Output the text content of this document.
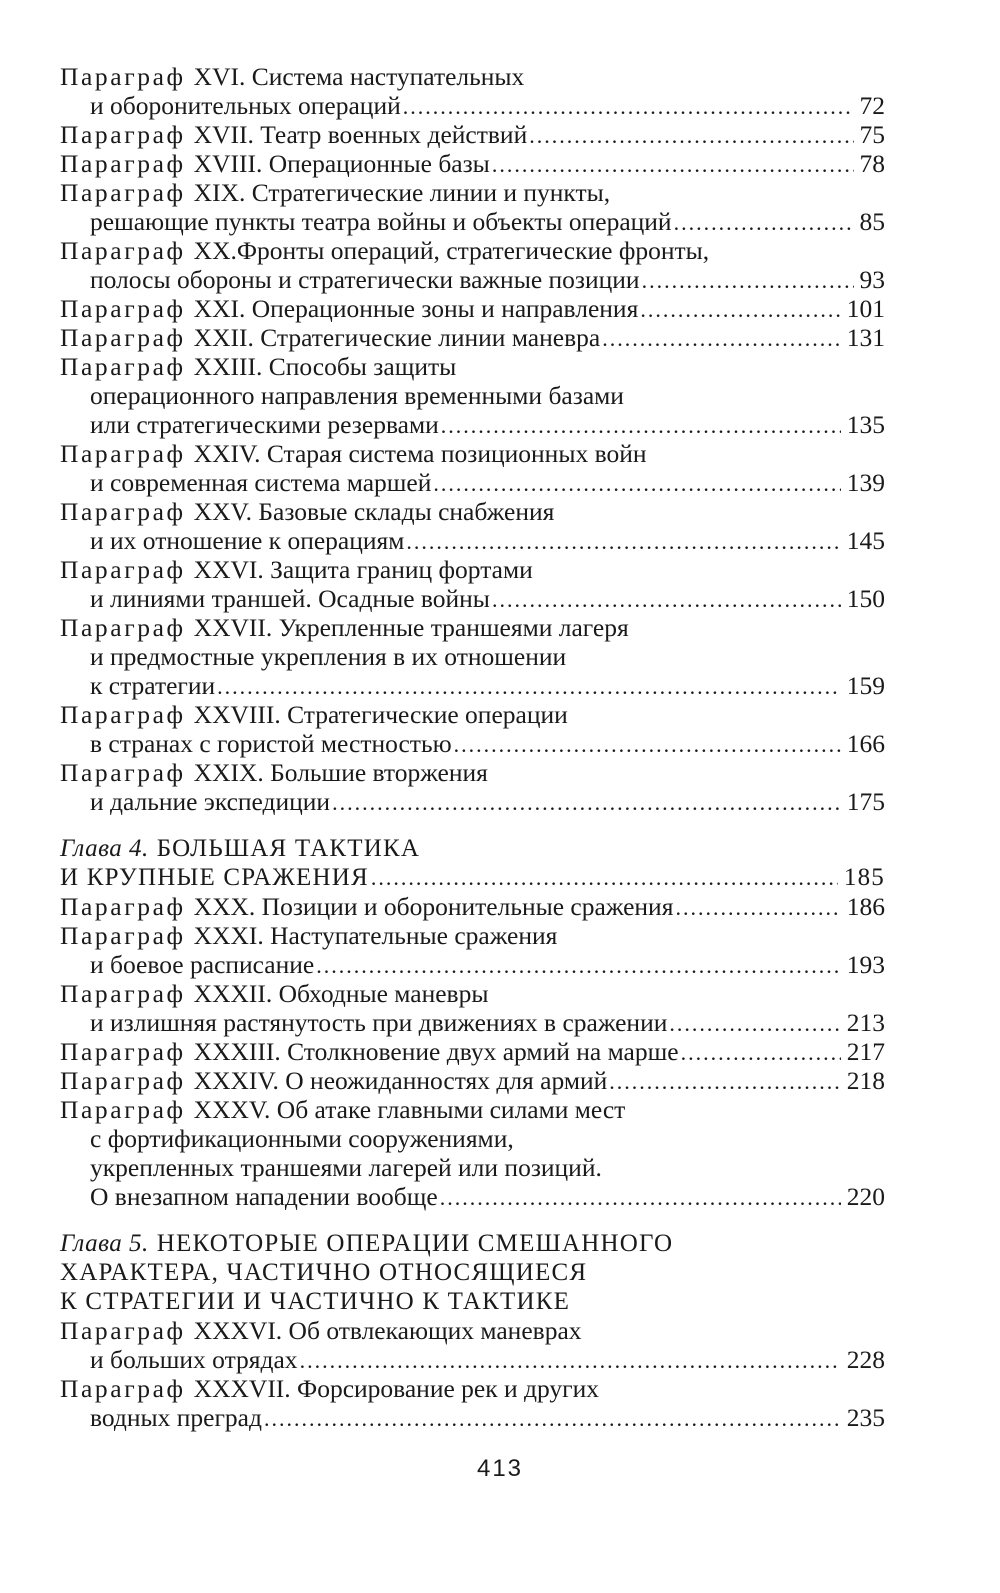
Параграф XVI. Система наступательных
и оборонительных операций .....	72
Параграф XVII. Театр военных действий .....	75
Параграф XVIII. Операционные базы .....	78
Параграф XIX. Стратегические линии и пункты,
решающие пункты театра войны и объекты операций .....	85
Параграф XX.Фронты операций, стратегические фронты,
полосы обороны и стратегически важные позиции .....	93
Параграф XXI. Операционные зоны и направления .....	101
Параграф XXII. Стратегические линии маневра .....	131
Параграф XXIII. Способы защиты
операционного направления временными базами
или стратегическими резервами .....	135
Параграф XXIV. Старая система позиционных войн
и современная система маршей .....	139
Параграф XXV. Базовые склады снабжения
и их отношение к операциям .....	145
Параграф XXVI. Защита границ фортами
и линиями траншей. Осадные войны .....	150
Параграф XXVII. Укрепленные траншеями лагеря
и предмостные укрепления в их отношении
к стратегии .....	159
Параграф XXVIII. Стратегические операции
в странах с гористой местностью .....	166
Параграф XXIX. Большие вторжения
и дальние экспедиции .....	175
Глава 4. БОЛЬШАЯ ТАКТИКА
И КРУПНЫЕ СРАЖЕНИЯ .....	185
Параграф XXX. Позиции и оборонительные сражения .....	186
Параграф XXXI. Наступательные сражения
и боевое расписание .....	193
Параграф XXXII. Обходные маневры
и излишняя растянутость при движениях в сражении .....	213
Параграф XXXIII. Столкновение двух армий на марше .....	217
Параграф XXXIV. О неожиданностях для армий .....	218
Параграф XXXV. Об атаке главными силами мест
с фортификационными сооружениями,
укрепленных траншеями лагерей или позиций.
О внезапном нападении вообще .....	220
Глава 5. НЕКОТОРЫЕ ОПЕРАЦИИ СМЕШАННОГО
ХАРАКТЕРА, ЧАСТИЧНО ОТНОСЯЩИЕСЯ
К СТРАТЕГИИ И ЧАСТИЧНО К ТАКТИКЕ
Параграф XXXVI. Об отвлекающих маневрах
и больших отрядах .....	228
Параграф XXXVII. Форсирование рек и других
водных преград .....	235
413
